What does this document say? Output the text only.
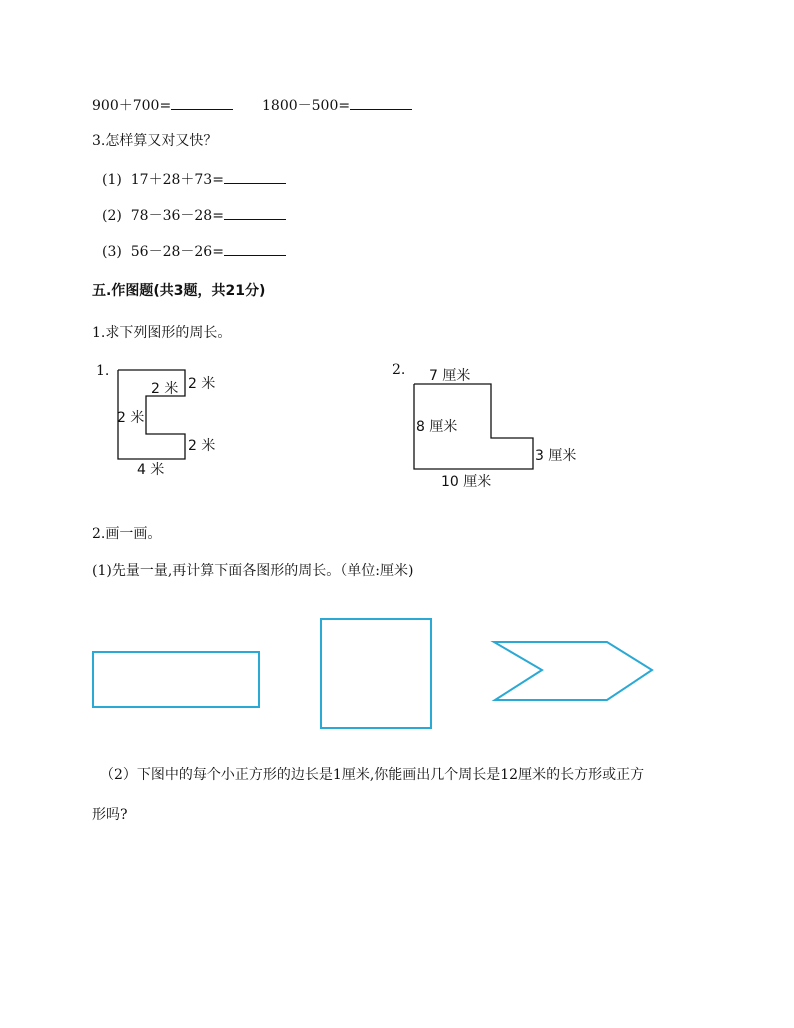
900＋700=	1800－500=
3.怎样算又对又快？
(1) 17＋28＋73=
(2) 78－36－28=
(3) 56－28－26=
五.作图题(共3题，共21分)
1.求下列图形的周长。
1.
2 米 2 米
2 米
2 米
4 米
2. 7 厘米
8 厘米
3 厘米
10 厘米
2.画一画。
(1)先量一量,再计算下面各图形的周长。（单位:厘米)
（2）下图中的每个小正方形的边长是1厘米,你能画出几个周长是12厘米的长方形或正方
形吗?
